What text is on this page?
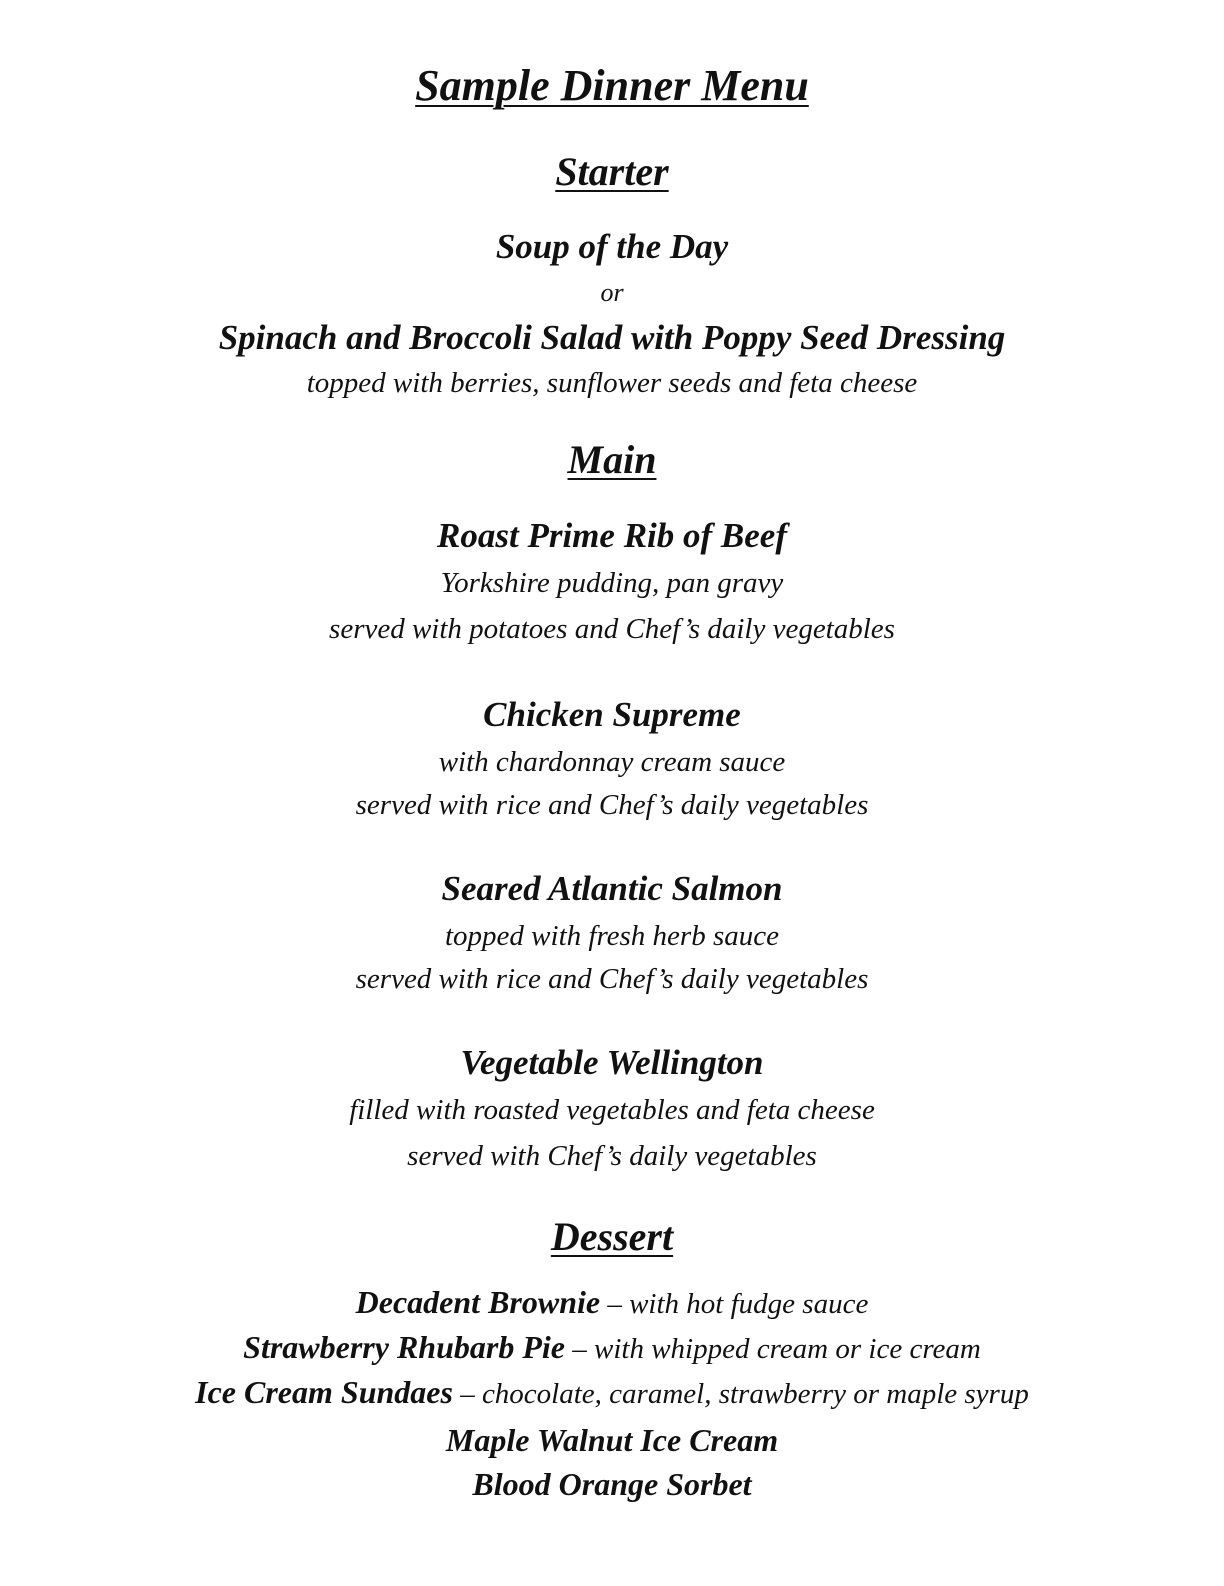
Sample Dinner Menu
Starter
Soup of the Day
or
Spinach and Broccoli Salad with Poppy Seed Dressing
topped with berries, sunflower seeds and feta cheese
Main
Roast Prime Rib of Beef
Yorkshire pudding, pan gravy
served with potatoes and Chef’s daily vegetables
Chicken Supreme
with chardonnay cream sauce
served with rice and Chef’s daily vegetables
Seared Atlantic Salmon
topped with fresh herb sauce
served with rice and Chef’s daily vegetables
Vegetable Wellington
filled with roasted vegetables and feta cheese
served with Chef’s daily vegetables
Dessert
Decadent Brownie – with hot fudge sauce
Strawberry Rhubarb Pie – with whipped cream or ice cream
Ice Cream Sundaes – chocolate, caramel, strawberry or maple syrup
Maple Walnut Ice Cream
Blood Orange Sorbet
